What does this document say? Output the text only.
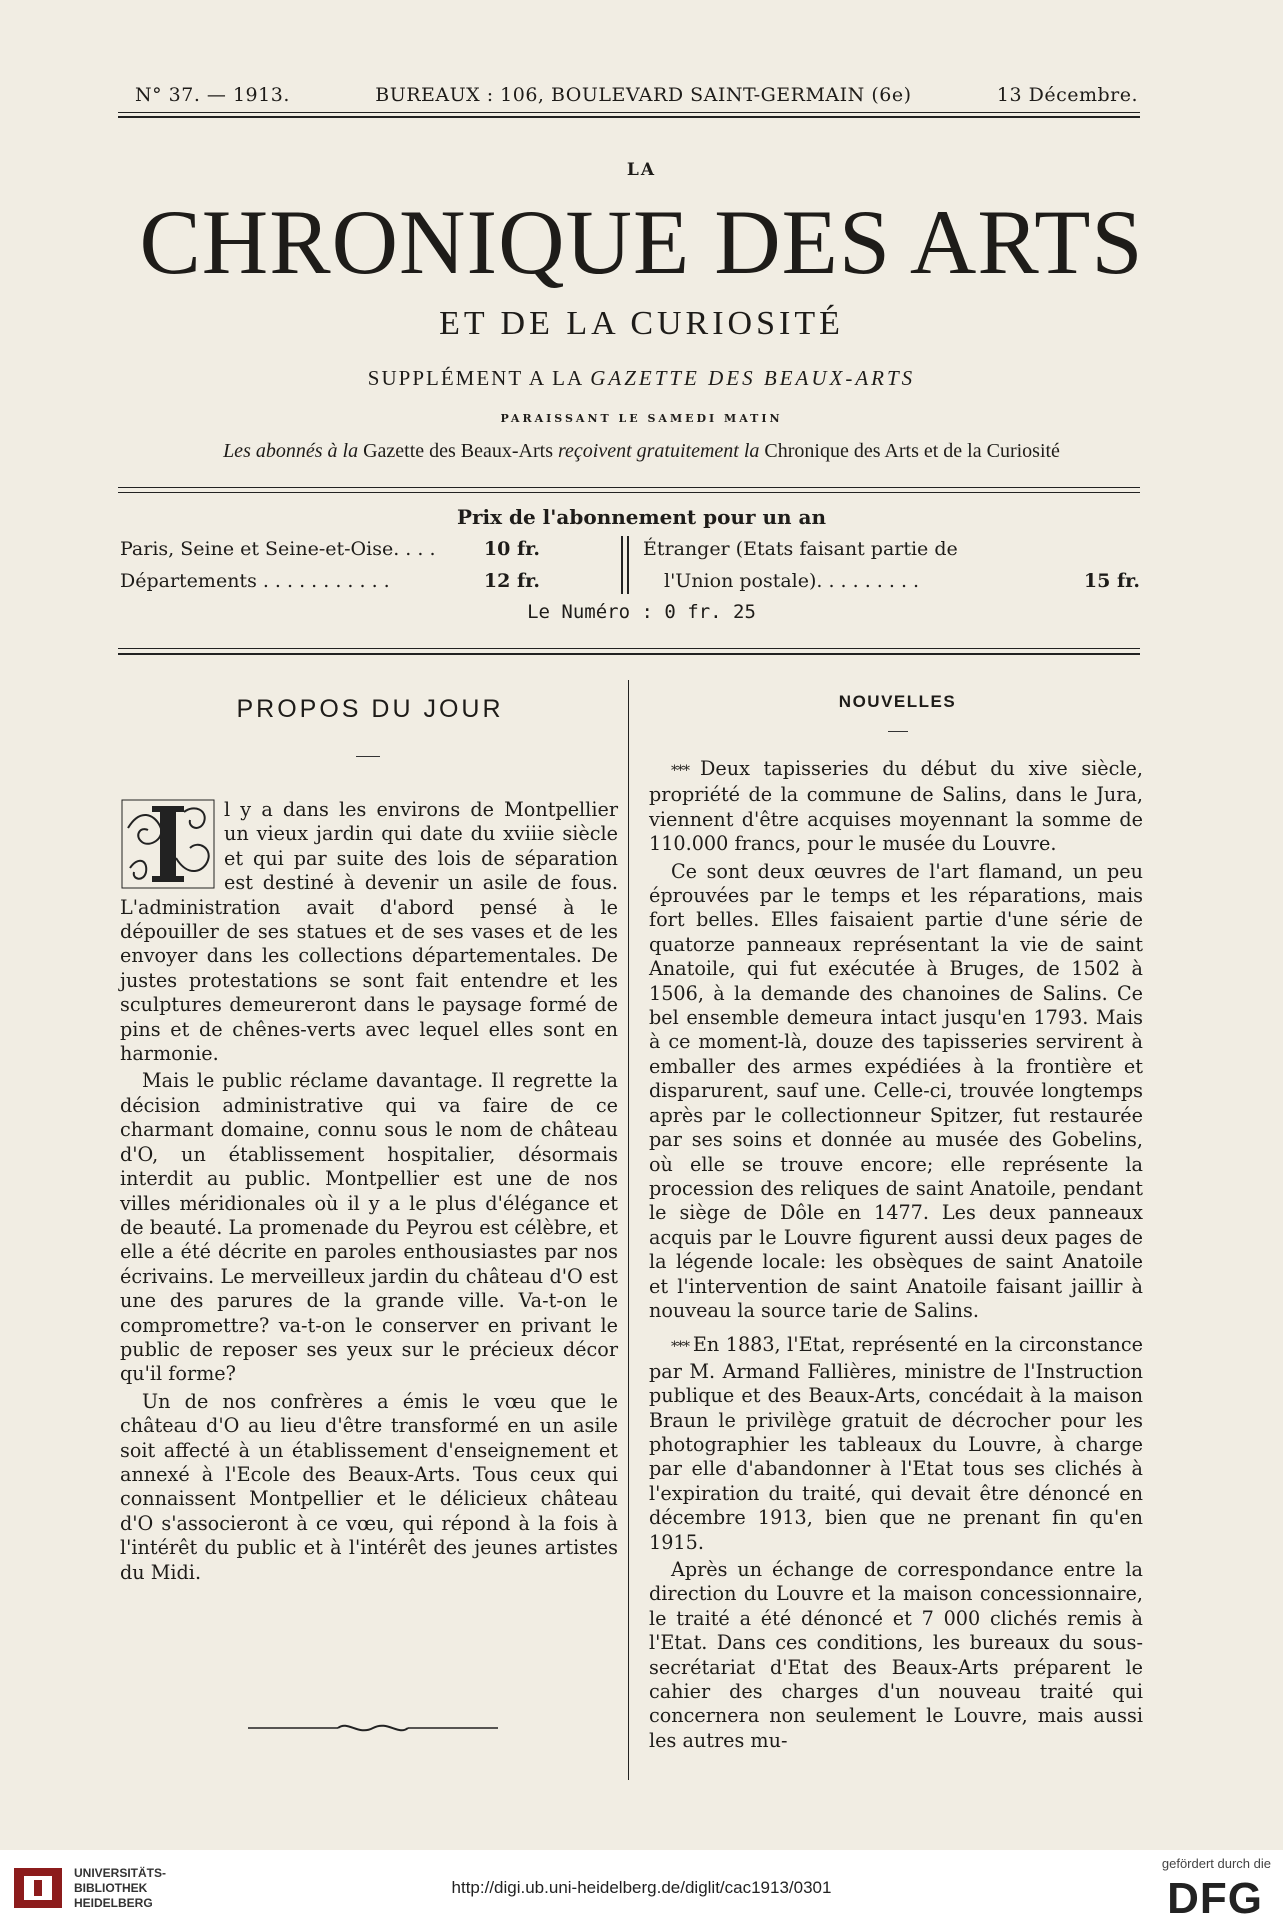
N° 37. — 1913.	BUREAUX : 106, BOULEVARD SAINT-GERMAIN (6e)	13 Décembre.
LA
CHRONIQUE DES ARTS
ET DE LA CURIOSITÉ
SUPPLÉMENT A LA GAZETTE DES BEAUX-ARTS
PARAISSANT LE SAMEDI MATIN
Les abonnés à la Gazette des Beaux-Arts reçoivent gratuitement la Chronique des Arts et de la Curiosité
Prix de l'abonnement pour un an
Paris, Seine et Seine-et-Oise. . . .	10 fr.
Départements . . . . . . . . . . .	12 fr.
Étranger (Etats faisant partie de
l'Union postale). . . . . . . . .	15 fr.
Le Numéro : 0 fr. 25
PROPOS DU JOUR

l y a dans les environs de Montpellier un vieux jardin qui date du xviiie siècle et qui par suite des lois de séparation est destiné à devenir un asile de fous. L'administration avait d'abord pensé à le dépouiller de ses statues et de ses vases et de les envoyer dans les collections départementales. De justes protestations se sont fait entendre et les sculptures demeureront dans le paysage formé de pins et de chênes-verts avec lequel elles sont en harmonie.

Mais le public réclame davantage. Il regrette la décision administrative qui va faire de ce charmant domaine, connu sous le nom de château d'O, un établissement hospitalier, désormais interdit au public. Montpellier est une de nos villes méridionales où il y a le plus d'élégance et de beauté. La promenade du Peyrou est célèbre, et elle a été décrite en paroles enthousiastes par nos écrivains. Le merveilleux jardin du château d'O est une des parures de la grande ville. Va-t-on le compromettre? va-t-on le conserver en privant le public de reposer ses yeux sur le précieux décor qu'il forme?

Un de nos confrères a émis le vœu que le château d'O au lieu d'être transformé en un asile soit affecté à un établissement d'enseignement et annexé à l'Ecole des Beaux-Arts. Tous ceux qui connaissent Montpellier et le délicieux château d'O s'associeront à ce vœu, qui répond à la fois à l'intérêt du public et à l'intérêt des jeunes artistes du Midi.

NOUVELLES

*** Deux tapisseries du début du xive siècle, propriété de la commune de Salins, dans le Jura, viennent d'être acquises moyennant la somme de 110.000 francs, pour le musée du Louvre.

Ce sont deux œuvres de l'art flamand, un peu éprouvées par le temps et les réparations, mais fort belles. Elles faisaient partie d'une série de quatorze panneaux représentant la vie de saint Anatoile, qui fut exécutée à Bruges, de 1502 à 1506, à la demande des chanoines de Salins. Ce bel ensemble demeura intact jusqu'en 1793. Mais à ce moment-là, douze des tapisseries servirent à emballer des armes expédiées à la frontière et disparurent, sauf une. Celle-ci, trouvée longtemps après par le collectionneur Spitzer, fut restaurée par ses soins et donnée au musée des Gobelins, où elle se trouve encore; elle représente la procession des reliques de saint Anatoile, pendant le siège de Dôle en 1477. Les deux panneaux acquis par le Louvre figurent aussi deux pages de la légende locale: les obsèques de saint Anatoile et l'intervention de saint Anatoile faisant jaillir à nouveau la source tarie de Salins.

*** En 1883, l'Etat, représenté en la circonstance par M. Armand Fallières, ministre de l'Instruction publique et des Beaux-Arts, concédait à la maison Braun le privilège gratuit de décrocher pour les photographier les tableaux du Louvre, à charge par elle d'abandonner à l'Etat tous ses clichés à l'expiration du traité, qui devait être dénoncé en décembre 1913, bien que ne prenant fin qu'en 1915.

Après un échange de correspondance entre la direction du Louvre et la maison concessionnaire, le traité a été dénoncé et 7 000 clichés remis à l'Etat. Dans ces conditions, les bureaux du sous-secrétariat d'Etat des Beaux-Arts préparent le cahier des charges d'un nouveau traité qui concernera non seulement le Louvre, mais aussi les autres mu-

UNIVERSITÄTS-
BIBLIOTHEK
HEIDELBERG
http://digi.ub.uni-heidelberg.de/diglit/cac1913/0301
gefördert durch die
DFG
